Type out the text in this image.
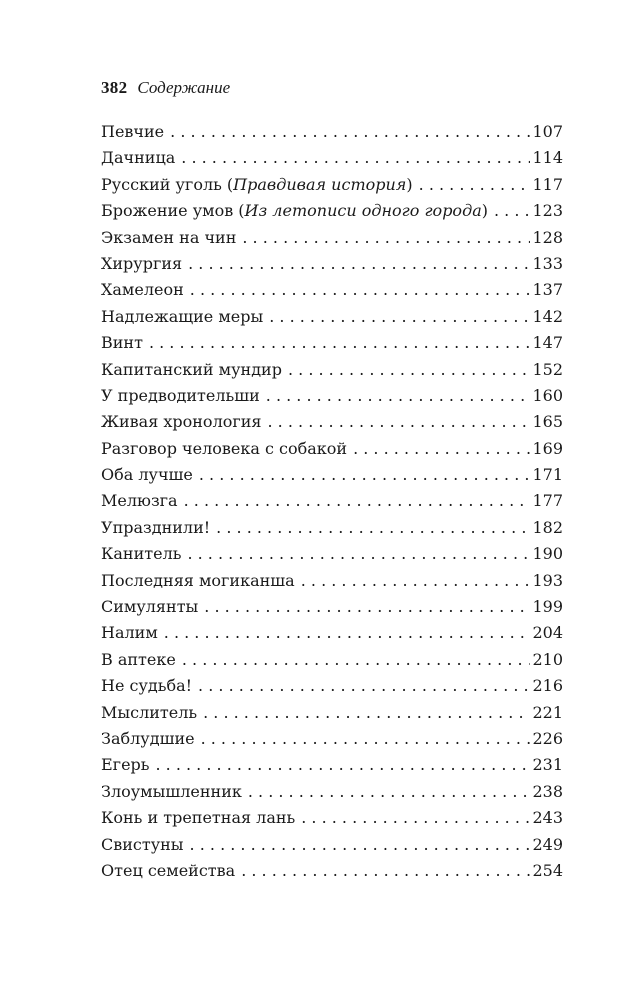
382 Содержание
Певчие . . .	107
Дачница . . .	114
Русский уголь (Правдивая история) . . .	117
Брожение умов (Из летописи одного города) . . .	123
Экзамен на чин . . .	128
Хирургия . . .	133
Хамелеон . . .	137
Надлежащие меры . . .	142
Винт . . .	147
Капитанский мундир . . .	152
У предводительши . . .	160
Живая хронология . . .	165
Разговор человека с собакой . . .	169
Оба лучше . . .	171
Мелюзга . . .	177
Упразднили! . . .	182
Канитель . . .	190
Последняя могиканша . . .	193
Симулянты . . .	199
Налим . . .	204
В аптеке . . .	210
Не судьба! . . .	216
Мыслитель . . .	221
Заблудшие . . .	226
Егерь . . .	231
Злоумышленник . . .	238
Конь и трепетная лань . . .	243
Свистуны . . .	249
Отец семейства . . .	254
